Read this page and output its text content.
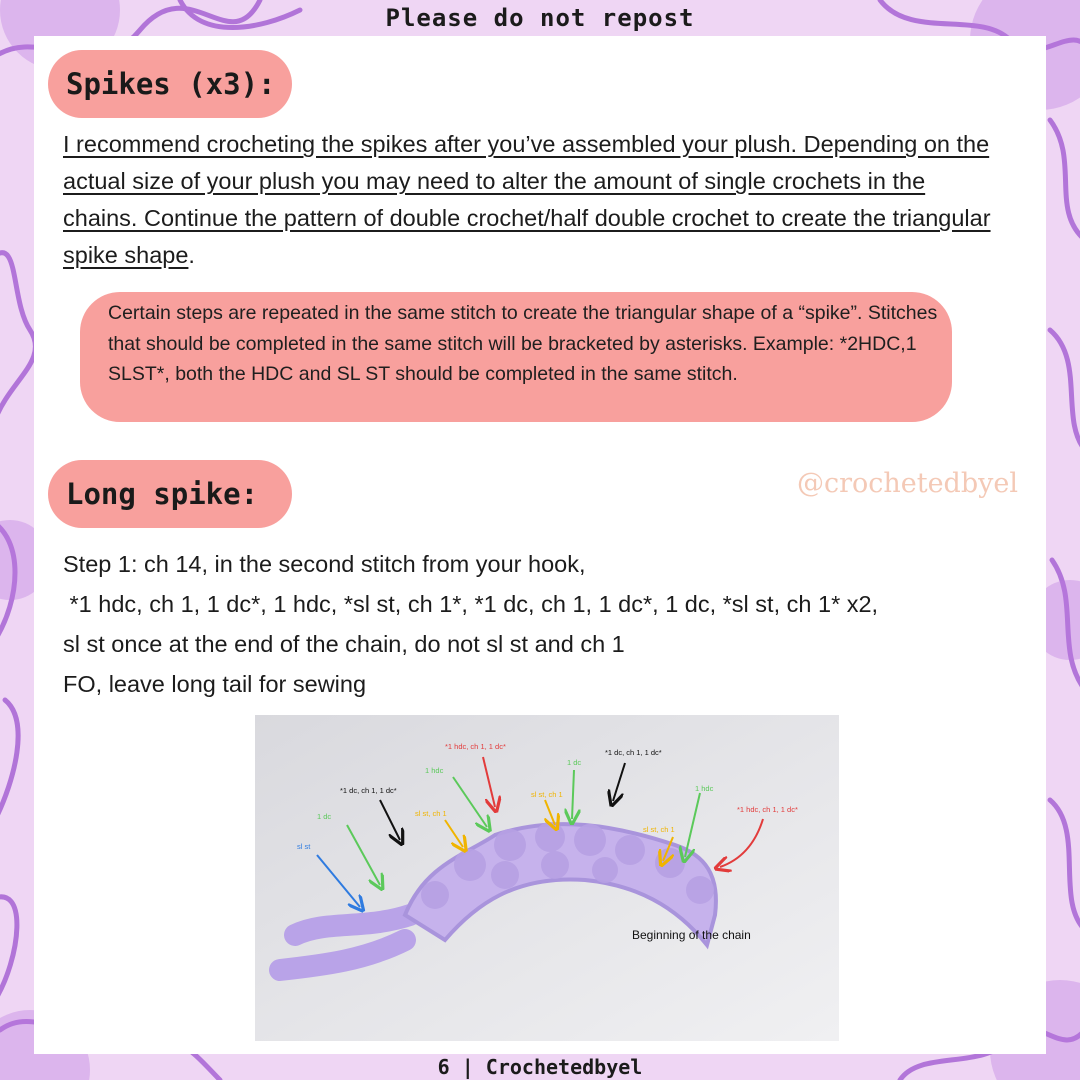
Please do not repost
Spikes (x3):
I recommend crocheting the spikes after you’ve assembled your plush. Depending on the actual size of your plush you may need to alter the amount of single crochets in the chains. Continue the pattern of double crochet/half double crochet to create the triangular spike shape.
Certain steps are repeated in the same stitch to create the triangular shape of a “spike”. Stitches that should be completed in the same stitch will be bracketed by asterisks. Example: *2HDC,1 SLST*, both the HDC and SL ST should be completed in the same stitch.
Long spike:	@crochetedbyel

Step 1: ch 14, in the second stitch from your hook,

*1 hdc, ch 1, 1 dc*, 1 hdc, *sl st, ch 1*, *1 dc, ch 1, 1 dc*, 1 dc, *sl st, ch 1* x2,

sl st once at the end of the chain, do not sl st and ch 1

FO, leave long tail for sewing

sl st
1 dc
*1 dc, ch 1, 1 dc*
sl st, ch 1
1 hdc
*1 hdc, ch 1, 1 dc*
sl st, ch 1
1 dc
*1 dc, ch 1, 1 dc*
sl st, ch 1
1 hdc
*1 hdc, ch 1, 1 dc*
Beginning of the chain
6 | Crochetedbyel
